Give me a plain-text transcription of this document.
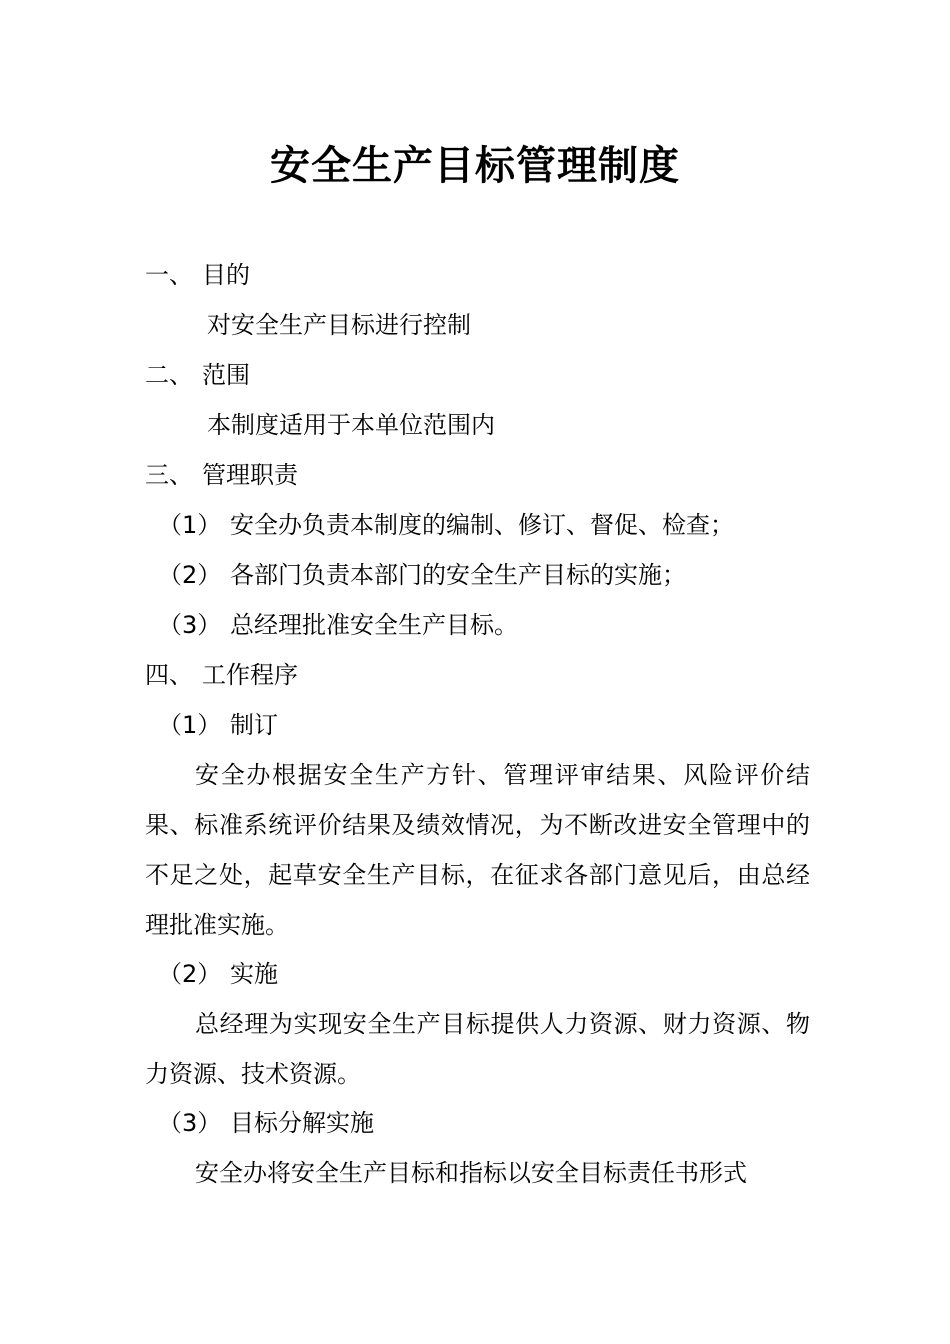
安全生产目标管理制度
一、 目的
对安全生产目标进行控制
二、 范围
本制度适用于本单位范围内
三、 管理职责
（1） 安全办负责本制度的编制、修订、督促、检查；
（2） 各部门负责本部门的安全生产目标的实施；
（3） 总经理批准安全生产目标。
四、 工作程序
（1） 制订
安全办根据安全生产方针、管理评审结果、风险评价结果、标准系统评价结果及绩效情况，为不断改进安全管理中的不足之处，起草安全生产目标，在征求各部门意见后，由总经理批准实施。
（2） 实施
总经理为实现安全生产目标提供人力资源、财力资源、物力资源、技术资源。
（3） 目标分解实施
安全办将安全生产目标和指标以安全目标责任书形式
